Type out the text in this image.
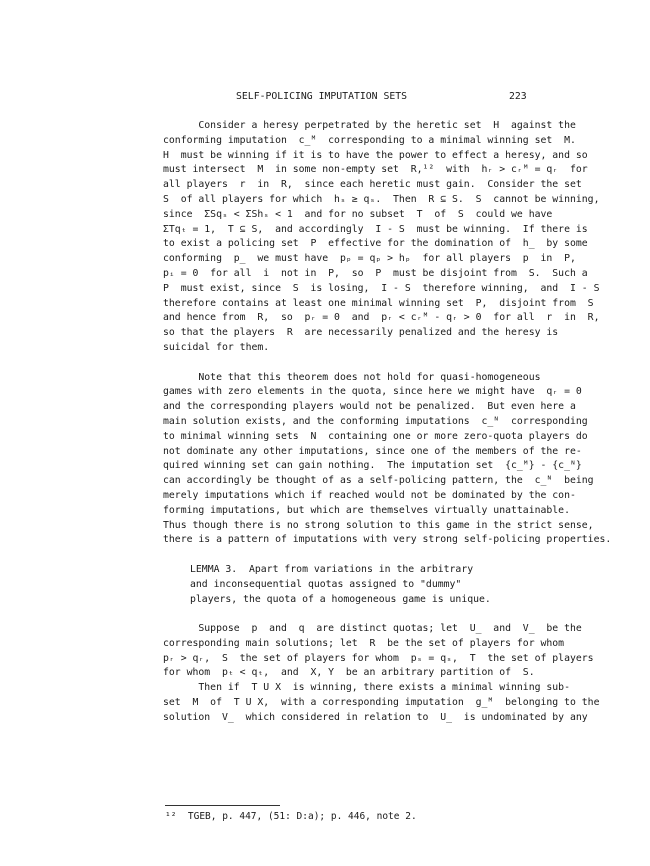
SELF-POLICING IMPUTATION SETS	223
Consider a heresy perpetrated by the heretic set  H  against the
conforming imputation  c̲ᴹ  corresponding to a minimal winning set  M.
H  must be winning if it is to have the power to effect a heresy, and so
must intersect  M  in some non-empty set  R,¹²  with  hᵣ > cᵣᴹ = qᵣ  for
all players  r  in  R,  since each heretic must gain.  Consider the set
S  of all players for which  hₛ ≥ qₛ.  Then  R ⊆ S.  S  cannot be winning,
since  ΣSqₛ < ΣShₛ < 1  and for no subset  T  of  S  could we have
ΣTqₜ = 1,  T ⊆ S,  and accordingly  I - S  must be winning.  If there is
to exist a policing set  P  effective for the domination of  h̲  by some
conforming  p̲  we must have  pₚ = qₚ > hₚ  for all players  p  in  P,
pᵢ = 0  for all  i  not in  P,  so  P  must be disjoint from  S.  Such a
P  must exist, since  S  is losing,  I - S  therefore winning,  and  I - S
therefore contains at least one minimal winning set  P,  disjoint from  S
and hence from  R,  so  pᵣ = 0  and  pᵣ < cᵣᴹ - qᵣ > 0  for all  r  in  R,
so that the players  R  are necessarily penalized and the heresy is
suicidal for them.
Note that this theorem does not hold for quasi-homogeneous
games with zero elements in the quota, since here we might have  qᵣ = 0
and the corresponding players would not be penalized.  But even here a
main solution exists, and the conforming imputations  c̲ᴺ  corresponding
to minimal winning sets  N  containing one or more zero-quota players do
not dominate any other imputations, since one of the members of the re-
quired winning set can gain nothing.  The imputation set  {c̲ᴹ} - {c̲ᴺ}
can accordingly be thought of as a self-policing pattern, the  c̲ᴺ  being
merely imputations which if reached would not be dominated by the con-
forming imputations, but which are themselves virtually unattainable.
Thus though there is no strong solution to this game in the strict sense,
there is a pattern of imputations with very strong self-policing properties.
LEMMA 3.  Apart from variations in the arbitrary
and inconsequential quotas assigned to "dummy"
players, the quota of a homogeneous game is unique.
Suppose  p  and  q  are distinct quotas; let  U̲  and  V̲  be the
corresponding main solutions; let  R  be the set of players for whom
pᵣ > qᵣ,  S  the set of players for whom  pₛ = qₛ,  T  the set of players
for whom  pₜ < qₜ,  and  X, Y  be an arbitrary partition of  S.
Then if  T U X  is winning, there exists a minimal winning sub-
set  M  of  T U X,  with a corresponding imputation  g̲ᴹ  belonging to the
solution  V̲  which considered in relation to  U̲  is undominated by any
¹²  TGEB, p. 447, (51: D:a); p. 446, note 2.
